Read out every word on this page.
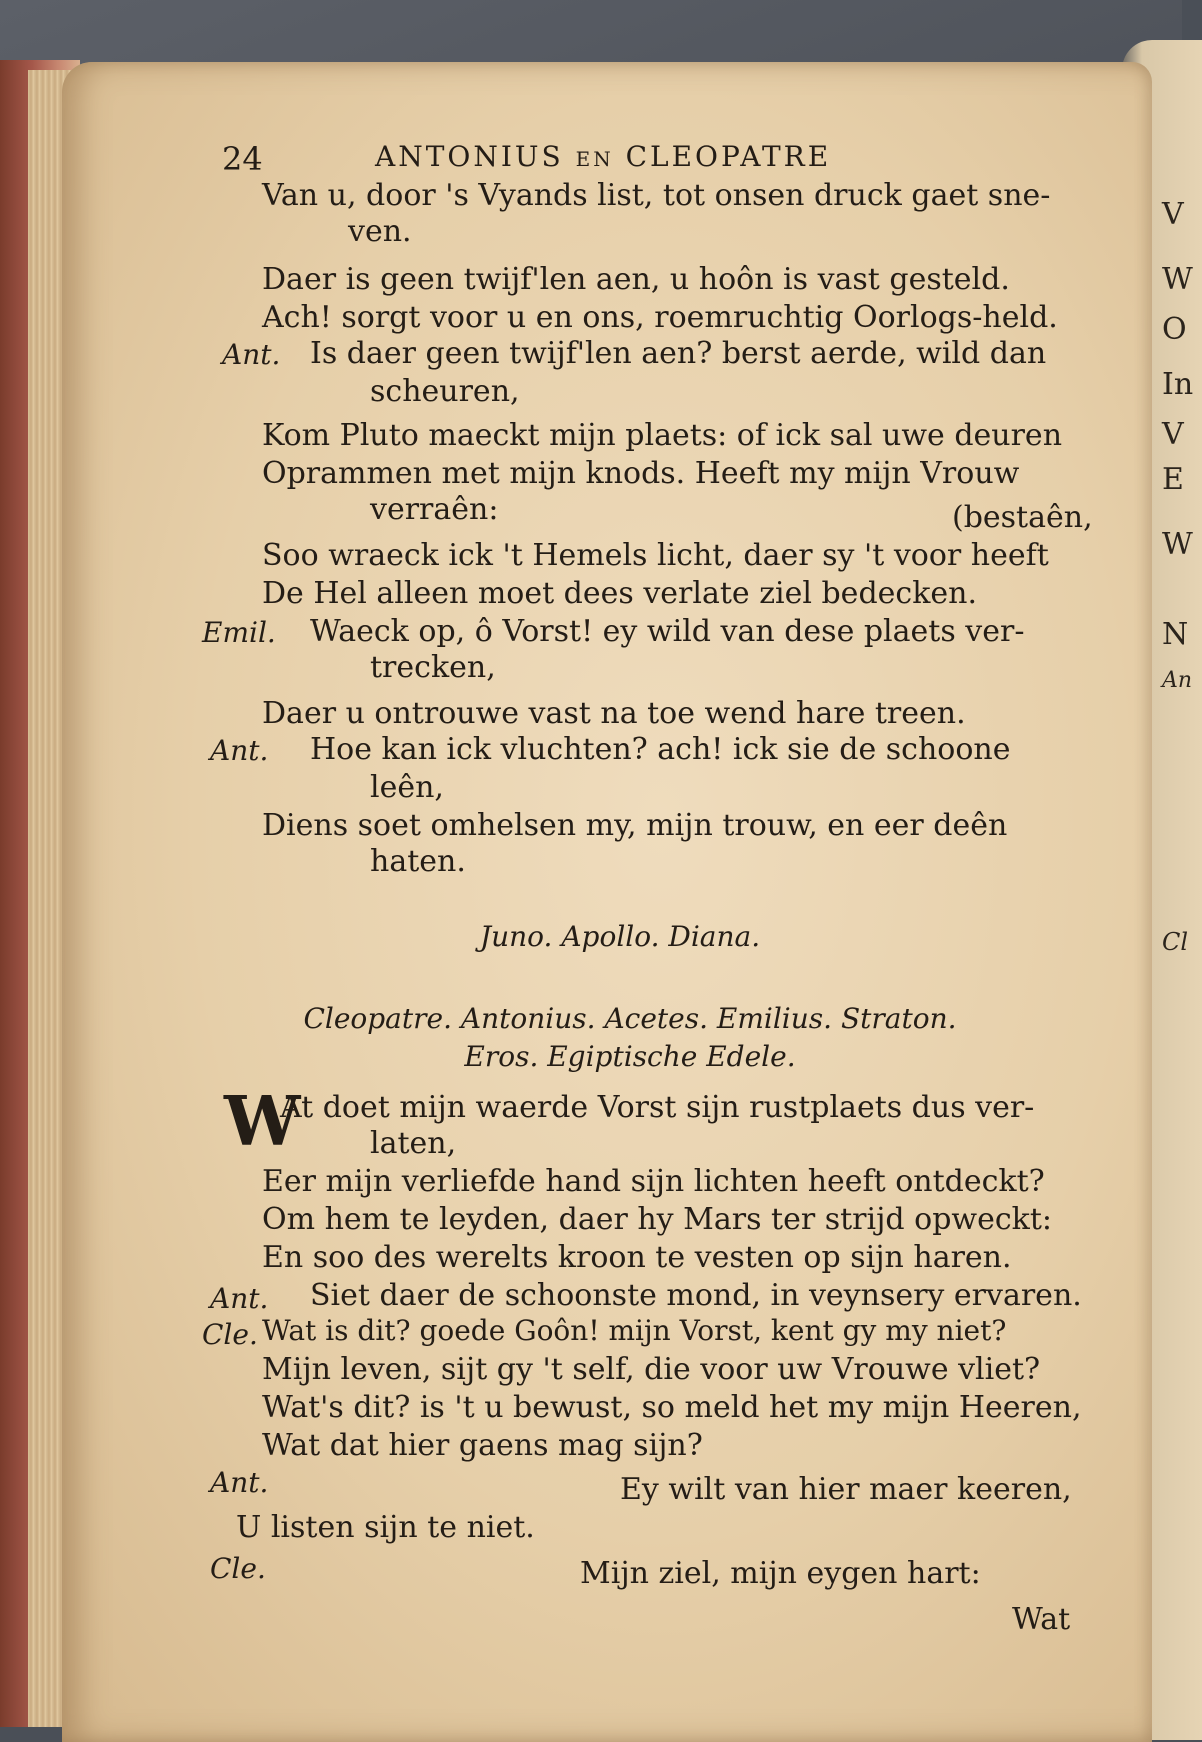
V
W
O
In
V
E
W
N
An
Cl
24	ANTONIUS en CLEOPATRE
Van u, door 's Vyands list, tot onsen druck gaet sne-
ven.
Daer is geen twijf'len aen, u hoôn is vast gesteld.
Ach! sorgt voor u en ons, roemruchtig Oorlogs-held.
Ant. Is daer geen twijf'len aen? berst aerde, wild dan
scheuren,
Kom Pluto maeckt mijn plaets: of ick sal uwe deuren
Oprammen met mijn knods. Heeft my mijn Vrouw
verraên:	(bestaên,
Soo wraeck ick 't Hemels licht, daer sy 't voor heeft
De Hel alleen moet dees verlate ziel bedecken.
Emil. Waeck op, ô Vorst! ey wild van dese plaets ver-
trecken,
Daer u ontrouwe vast na toe wend hare treen.
Ant. Hoe kan ick vluchten? ach! ick sie de schoone
leên,
Diens soet omhelsen my, mijn trouw, en eer deên
haten.
Juno. Apollo. Diana.
Cleopatre. Antonius. Acetes. Emilius. Straton.
Eros. Egiptische Edele.
W
At doet mijn waerde Vorst sijn rustplaets dus ver-
laten,
Eer mijn verliefde hand sijn lichten heeft ontdeckt?
Om hem te leyden, daer hy Mars ter strijd opweckt:
En soo des werelts kroon te vesten op sijn haren.
Ant. Siet daer de schoonste mond, in veynsery ervaren.
Cle. Wat is dit? goede Goôn! mijn Vorst, kent gy my niet?
Mijn leven, sijt gy 't self, die voor uw Vrouwe vliet?
Wat's dit? is 't u bewust, so meld het my mijn Heeren,
Wat dat hier gaens mag sijn?
Ant.	Ey wilt van hier maer keeren,
U listen sijn te niet.
Cle.	Mijn ziel, mijn eygen hart:
Wat
